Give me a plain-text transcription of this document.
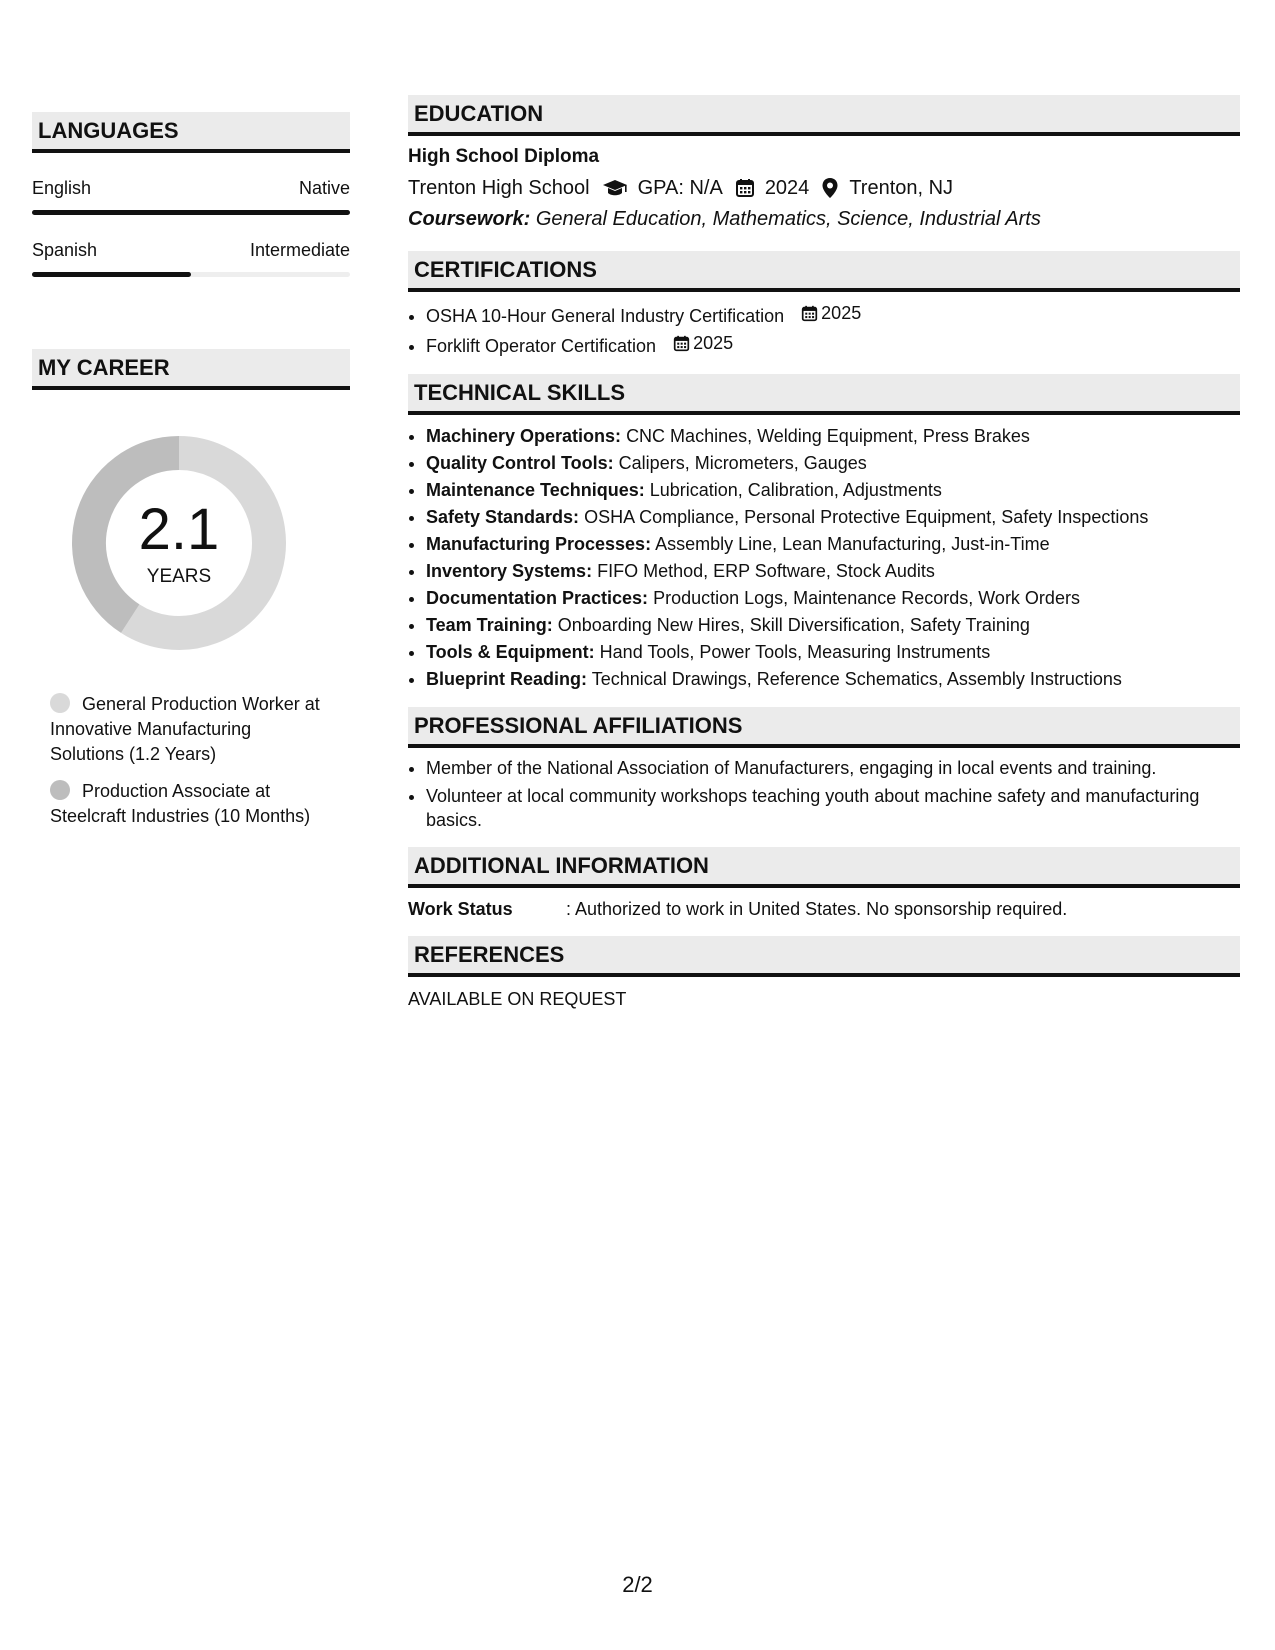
LANGUAGES
English	Native
Spanish	Intermediate
MY CAREER
2.1
YEARS
General Production Worker at Innovative Manufacturing Solutions (1.2 Years)
Production Associate at Steelcraft Industries (10 Months)
EDUCATION
High School Diploma
Trenton High School GPA: N/A 2024 Trenton, NJ
Coursework: General Education, Mathematics, Science, Industrial Arts
CERTIFICATIONS
• OSHA 10-Hour General Industry Certification 2025
• Forklift Operator Certification 2025
TECHNICAL SKILLS
• Machinery Operations: CNC Machines, Welding Equipment, Press Brakes
• Quality Control Tools: Calipers, Micrometers, Gauges
• Maintenance Techniques: Lubrication, Calibration, Adjustments
• Safety Standards: OSHA Compliance, Personal Protective Equipment, Safety Inspections
• Manufacturing Processes: Assembly Line, Lean Manufacturing, Just-in-Time
• Inventory Systems: FIFO Method, ERP Software, Stock Audits
• Documentation Practices: Production Logs, Maintenance Records, Work Orders
• Team Training: Onboarding New Hires, Skill Diversification, Safety Training
• Tools & Equipment: Hand Tools, Power Tools, Measuring Instruments
• Blueprint Reading: Technical Drawings, Reference Schematics, Assembly Instructions
PROFESSIONAL AFFILIATIONS
• Member of the National Association of Manufacturers, engaging in local events and training.
• Volunteer at local community workshops teaching youth about machine safety and manufacturing basics.
ADDITIONAL INFORMATION
Work Status	: Authorized to work in United States. No sponsorship required.
REFERENCES
AVAILABLE ON REQUEST
2/2
